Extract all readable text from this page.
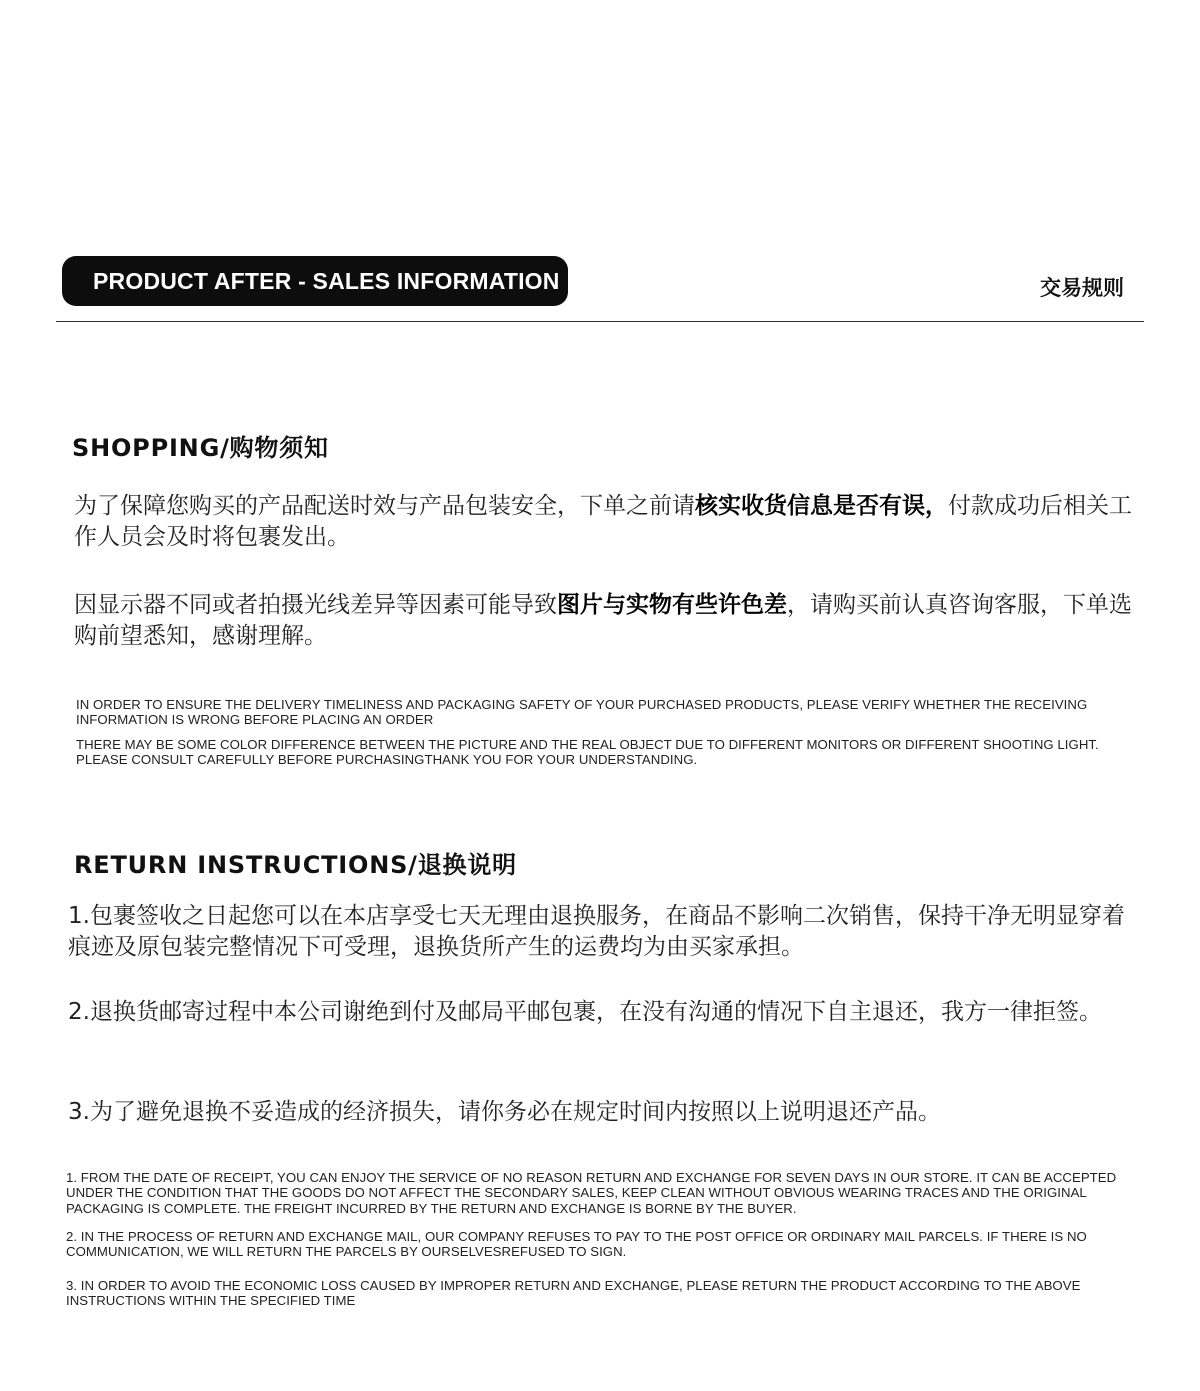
PRODUCT AFTER - SALES INFORMATION	交易规则
SHOPPING/购物须知
为了保障您购买的产品配送时效与产品包装安全，下单之前请核实收货信息是否有误，付款成功后相关工作人员会及时将包裹发出。
因显示器不同或者拍摄光线差异等因素可能导致图片与实物有些许色差，请购买前认真咨询客服，下单选购前望悉知，感谢理解。
IN ORDER TO ENSURE THE DELIVERY TIMELINESS AND PACKAGING SAFETY OF YOUR PURCHASED PRODUCTS, PLEASE VERIFY WHETHER THE RECEIVING INFORMATION IS WRONG BEFORE PLACING AN ORDER
THERE MAY BE SOME COLOR DIFFERENCE BETWEEN THE PICTURE AND THE REAL OBJECT DUE TO DIFFERENT MONITORS OR DIFFERENT SHOOTING LIGHT. PLEASE CONSULT CAREFULLY BEFORE PURCHASINGTHANK YOU FOR YOUR UNDERSTANDING.
RETURN INSTRUCTIONS/退换说明
1.包裹签收之日起您可以在本店享受七天无理由退换服务，在商品不影响二次销售，保持干净无明显穿着痕迹及原包装完整情况下可受理，退换货所产生的运费均为由买家承担。
2.退换货邮寄过程中本公司谢绝到付及邮局平邮包裹，在没有沟通的情况下自主退还，我方一律拒签。
3.为了避免退换不妥造成的经济损失，请你务必在规定时间内按照以上说明退还产品。
1. FROM THE DATE OF RECEIPT, YOU CAN ENJOY THE SERVICE OF NO REASON RETURN AND EXCHANGE FOR SEVEN DAYS IN OUR STORE. IT CAN BE ACCEPTED UNDER THE CONDITION THAT THE GOODS DO NOT AFFECT THE SECONDARY SALES, KEEP CLEAN WITHOUT OBVIOUS WEARING TRACES AND THE ORIGINAL PACKAGING IS COMPLETE. THE FREIGHT INCURRED BY THE RETURN AND EXCHANGE IS BORNE BY THE BUYER.
2. IN THE PROCESS OF RETURN AND EXCHANGE MAIL, OUR COMPANY REFUSES TO PAY TO THE POST OFFICE OR ORDINARY MAIL PARCELS. IF THERE IS NO COMMUNICATION, WE WILL RETURN THE PARCELS BY OURSELVESREFUSED TO SIGN.
3. IN ORDER TO AVOID THE ECONOMIC LOSS CAUSED BY IMPROPER RETURN AND EXCHANGE, PLEASE RETURN THE PRODUCT ACCORDING TO THE ABOVE INSTRUCTIONS WITHIN THE SPECIFIED TIME
